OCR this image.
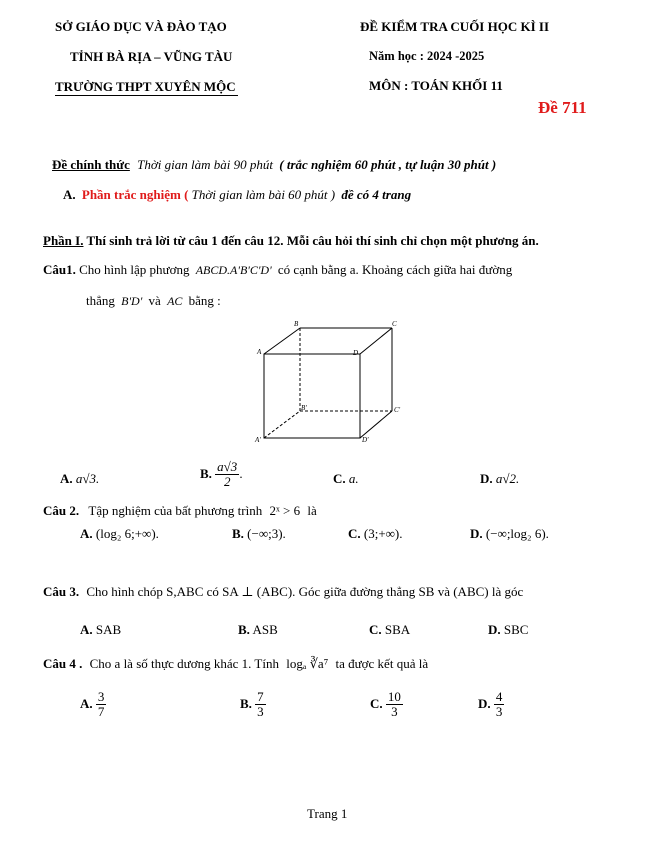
SỞ GIÁO DỤC VÀ ĐÀO TẠO
TỈNH BÀ RỊA – VŨNG TÀU
TRƯỜNG THPT XUYÊN MỘC
ĐỀ KIỂM TRA CUỐI HỌC KÌ II
Năm học : 2024 -2025
MÔN : TOÁN KHỐI 11
Đề 711
Đề chính thức Thời gian làm bài 90 phút ( trắc nghiệm 60 phút , tự luận 30 phút )
A. Phần trắc nghiệm ( Thời gian làm bài 60 phút ) đề có 4 trang
Phần I. Thí sinh trả lời từ câu 1 đến câu 12. Mỗi câu hỏi thí sinh chỉ chọn một phương án.
Câu1. Cho hình lập phương ABCD.A'B'C'D' có cạnh bằng a. Khoảng cách giữa hai đường
thẳng B'D' và AC bằng :
B	C
A	D
B'	C'
A'	D'
A. a√3.	B. $\frac{a√3}{2}$ .	C. a.	D. a√2.
Câu 2. Tập nghiệm của bất phương trình 2ˣ > 6 là
A. (log₂ 6;+∞).	B. (−∞;3).	C. (3;+∞).	D. (−∞;log₂ 6).
Câu 3. Cho hình chóp S,ABC có SA ⊥ (ABC). Góc giữa đường thẳng SB và (ABC) là góc
A. SAB	B. ASB	C. SBA	D. SBC
Câu 4 . Cho a là số thực dương khác 1. Tính logₐ ∛a⁷ ta được kết quả là
A. $\frac{3}{7}$	B. $\frac{7}{3}$	C. $\frac{10}{3}$	D. $\frac{4}{3}$
Trang 1
